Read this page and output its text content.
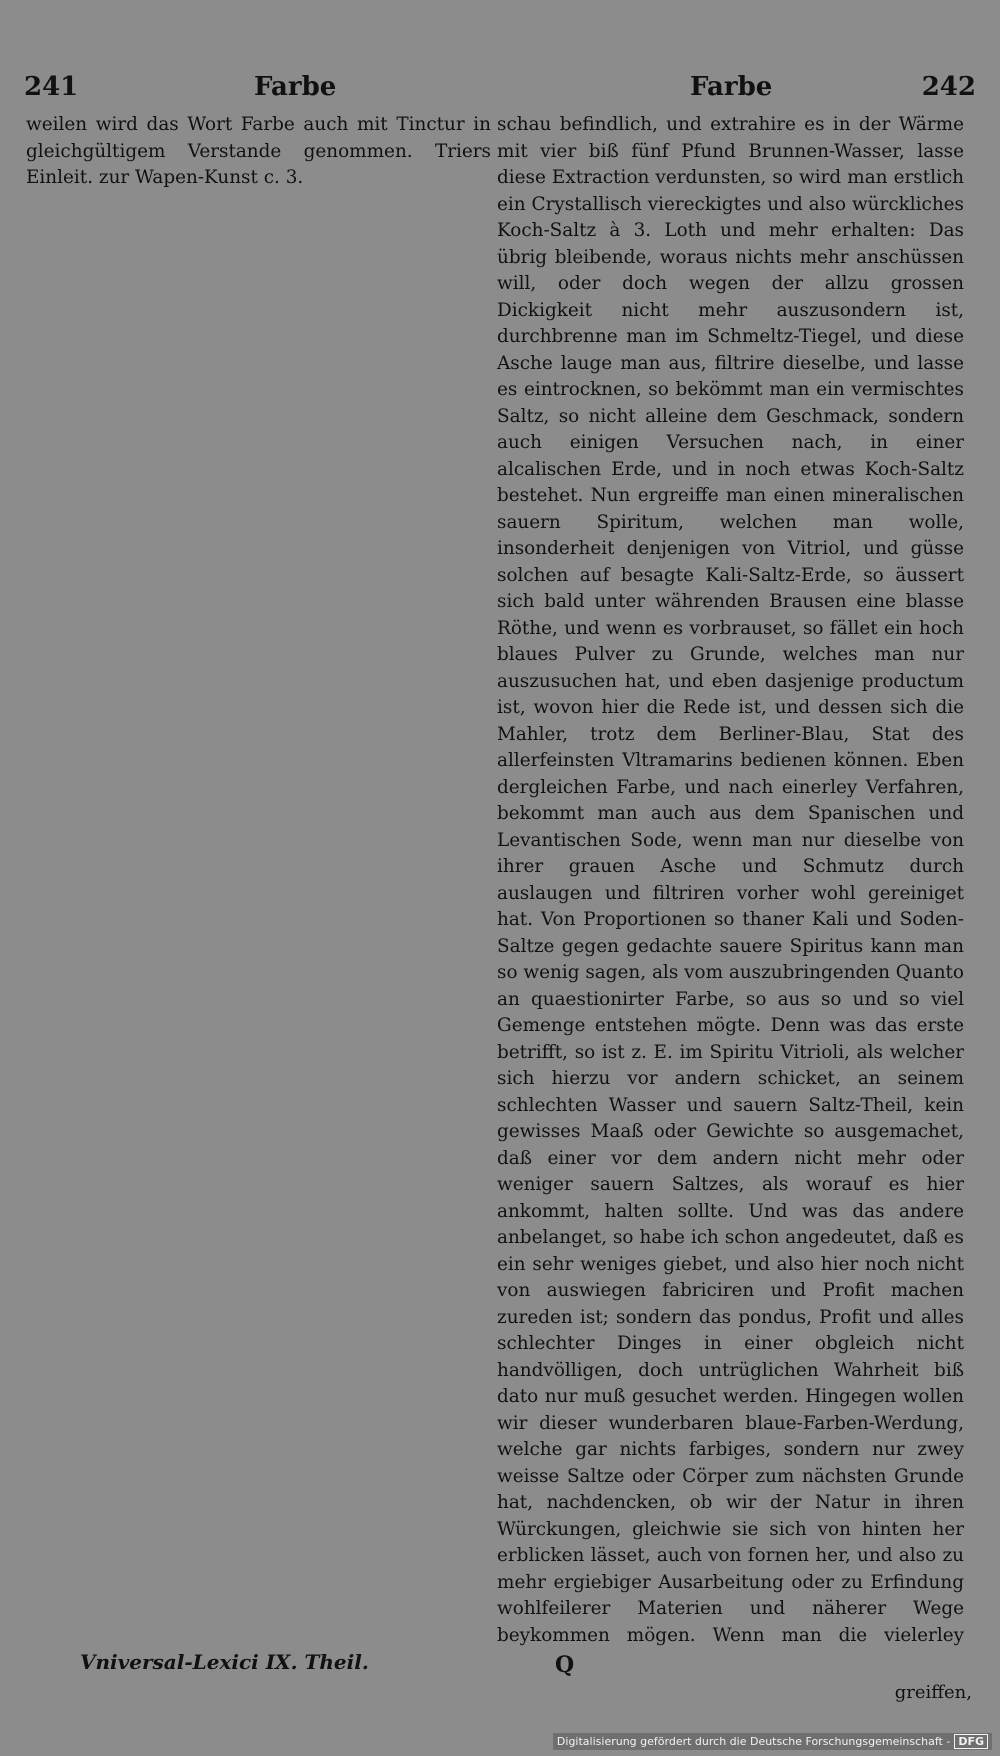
241	Farbe	Farbe	242

weilen wird das Wort Farbe auch mit Tinctur in gleichgültigem Verstande genommen. Triers Einleit. zur Wapen-Kunst c. 3.

schau befindlich, und extrahire es in der Wärme mit vier biß fünf Pfund Brunnen-Wasser, lasse diese Extraction verdunsten, so wird man erstlich ein Crystallisch viereckigtes und also würckliches Koch-Saltz à 3. Loth und mehr erhalten: Das übrig bleibende, woraus nichts mehr anschüssen will, oder doch wegen der allzu grossen Dickigkeit nicht mehr auszusondern ist, durchbrenne man im Schmeltz-Tiegel, und diese Asche lauge man aus, filtrire dieselbe, und lasse es eintrocknen, so bekömmt man ein vermischtes Saltz, so nicht alleine dem Geschmack, sondern auch einigen Versuchen nach, in einer alcalischen Erde, und in noch etwas Koch-Saltz bestehet. Nun ergreiffe man einen mineralischen sauern Spiritum, welchen man wolle, insonderheit denjenigen von Vitriol, und güsse solchen auf besagte Kali-Saltz-Erde, so äussert sich bald unter währenden Brausen eine blasse Röthe, und wenn es vorbrauset, so fället ein hoch blaues Pulver zu Grunde, welches man nur auszusuchen hat, und eben dasjenige productum ist, wovon hier die Rede ist, und dessen sich die Mahler, trotz dem Berliner-Blau, Stat des allerfeinsten Vltramarins bedienen können. Eben dergleichen Farbe, und nach einerley Verfahren, bekommt man auch aus dem Spanischen und Levantischen Sode, wenn man nur dieselbe von ihrer grauen Asche und Schmutz durch auslaugen und filtriren vorher wohl gereiniget hat. Von Proportionen so thaner Kali und Soden-Saltze gegen gedachte sauere Spiritus kann man so wenig sagen, als vom auszubringenden Quanto an quaestionirter Farbe, so aus so und so viel Gemenge entstehen mögte. Denn was das erste betrifft, so ist z. E. im Spiritu Vitrioli, als welcher sich hierzu vor andern schicket, an seinem schlechten Wasser und sauern Saltz-Theil, kein gewisses Maaß oder Gewichte so ausgemachet, daß einer vor dem andern nicht mehr oder weniger sauern Saltzes, als worauf es hier ankommt, halten sollte. Und was das andere anbelanget, so habe ich schon angedeutet, daß es ein sehr weniges giebet, und also hier noch nicht von auswiegen fabriciren und Profit machen zureden ist; sondern das pondus, Profit und alles schlechter Dinges in einer obgleich nicht handvölligen, doch untrüglichen Wahrheit biß dato nur muß gesuchet werden. Hingegen wollen wir dieser wunderbaren blaue-Farben-Werdung, welche gar nichts farbiges, sondern nur zwey weisse Saltze oder Cörper zum nächsten Grunde hat, nachdencken, ob wir der Natur in ihren Würckungen, gleichwie sie sich von hinten her erblicken lässet, auch von fornen her, und also zu mehr ergiebiger Ausarbeitung oder zu Erfindung wohlfeilerer Materien und näherer Wege beykommen mögen. Wenn man die vielerley

Vniversal-Lexici IX. Theil.	Q
greiffen,
Digitalisierung gefördert durch die Deutsche Forschungsgemeinschaft - DFG
